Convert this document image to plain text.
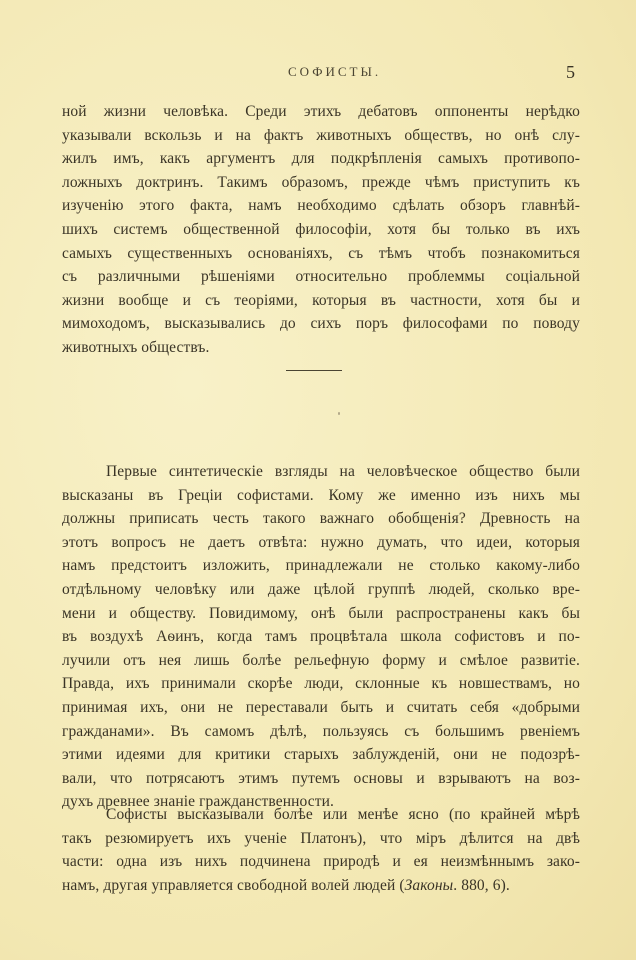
СОФИСТЫ.	5
ной жизни человѣка. Среди этихъ дебатовъ оппоненты нерѣдко
указывали вскользь и на фактъ животныхъ обществъ, но онѣ слу-
жилъ имъ, какъ аргументъ для подкрѣпленія самыхъ противопо-
ложныхъ доктринъ. Такимъ образомъ, прежде чѣмъ приступить къ
изученію этого факта, намъ необходимо сдѣлать обзоръ главнѣй-
шихъ системъ общественной философіи, хотя бы только въ ихъ
самыхъ существенныхъ основаніяхъ, съ тѣмъ чтобъ познакомиться
съ различными рѣшеніями относительно проблеммы соціальной
жизни вообще и съ теоріями, которыя въ частности, хотя бы и
мимоходомъ, высказывались до сихъ поръ философами по поводу
животныхъ обществъ.
Первые синтетическіе взгляды на человѣческое общество были
высказаны въ Греціи софистами. Кому же именно изъ нихъ мы
должны приписать честь такого важнаго обобщенія? Древность на
этотъ вопросъ не даетъ отвѣта: нужно думать, что идеи, которыя
намъ предстоитъ изложить, принадлежали не столько какому-либо
отдѣльному человѣку или даже цѣлой группѣ людей, сколько вре-
мени и обществу. Повидимому, онѣ были распространены какъ бы
въ воздухѣ Аѳинъ, когда тамъ процвѣтала школа софистовъ и по-
лучили отъ нея лишь болѣе рельефную форму и смѣлое развитіе.
Правда, ихъ принимали скорѣе люди, склонные къ новшествамъ, но
принимая ихъ, они не переставали быть и считать себя «добрыми
гражданами». Въ самомъ дѣлѣ, пользуясь съ большимъ рвеніемъ
этими идеями для критики старыхъ заблужденій, они не подозрѣ-
вали, что потрясаютъ этимъ путемъ основы и взрываютъ на воз-
духъ древнее знаніе гражданственности.
Софисты высказывали болѣе или менѣе ясно (по крайней мѣрѣ
такъ резюмируетъ ихъ ученіе Платонъ), что міръ дѣлится на двѣ
части: одна изъ нихъ подчинена природѣ и ея неизмѣннымъ зако-
намъ, другая управляется свободной волей людей (Законы. 880, 6).
